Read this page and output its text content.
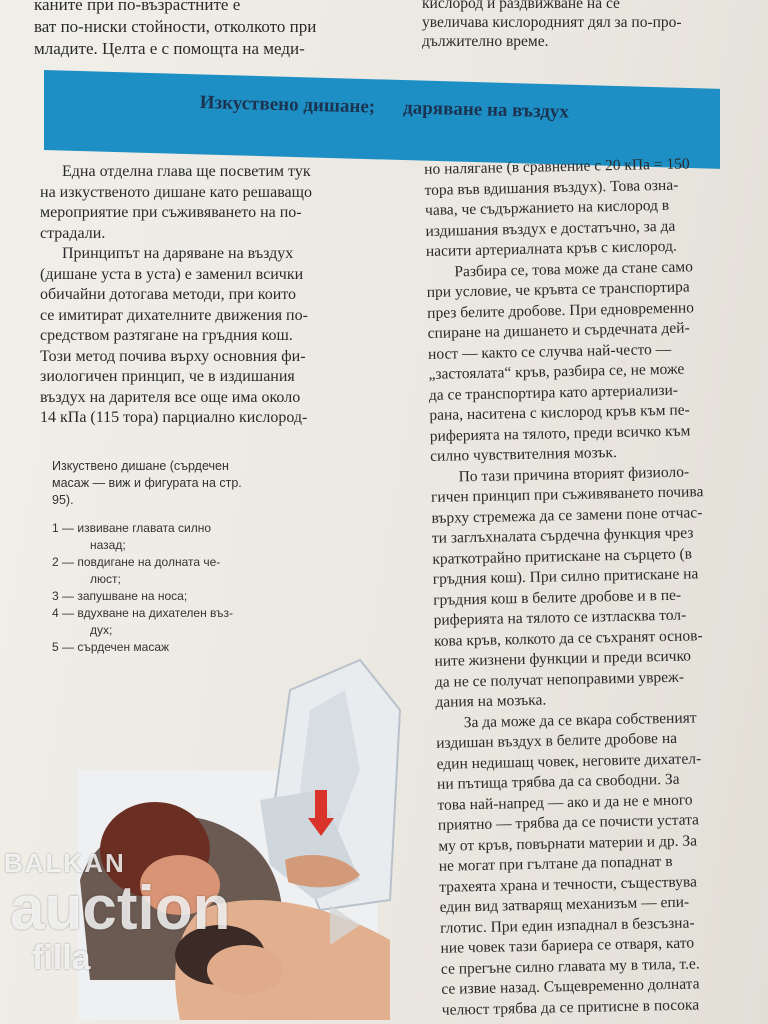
каните при по-възрастните е
ват по-ниски стойности, отколкото при
младите. Целта е с помощта на меди-
кислород и раздвижване на се
увеличава кислородният дял за по-про-
дължително време.
Изкуствено дишане; даряване на въздух
Една отделна глава ще посветим тук
на изкуственото дишане като решаващо
мероприятие при съживяването на по-
страдали.
Принципът на даряване на въздух
(дишане уста в уста) е заменил всички
обичайни дотогава методи, при които
се имитират дихателните движения по-
средством разтягане на гръдния кош.
Този метод почива върху основния фи-
зиологичен принцип, че в издишания
въздух на дарителя все още има около
14 кПа (115 тора) парциално кислород-
Изкуствено дишане (сърдечен
масаж — виж и фигурата на стр.
95).
1 — извиване главата силно
назад;
2 — повдигане на долната че-
люст;
3 — запушване на носа;
4 — вдухване на дихателен въз-
дух;
5 — сърдечен масаж
но налягане (в сравнение с 20 кПа = 150
тора във вдишания въздух). Това озна-
чава, че съдържанието на кислород в
издишания въздух е достатъчно, за да
насити артериалната кръв с кислород.
Разбира се, това може да стане само
при условие, че кръвта се транспортира
през белите дробове. При едновременно
спиране на дишането и сърдечната дей-
ност — както се случва най-често —
„застоялата“ кръв, разбира се, не може
да се транспортира като артериализи-
рана, наситена с кислород кръв към пе-
риферията на тялото, преди всичко към
силно чувствителния мозък.
По тази причина вторият физиоло-
гичен принцип при съживяването почива
върху стремежа да се замени поне отчас-
ти заглъхналата сърдечна функция чрез
краткотрайно притискане на сърцето (в
гръдния кош). При силно притискане на
гръдния кош в белите дробове и в пе-
риферията на тялото се изтласква тол-
кова кръв, колкото да се съхранят основ-
ните жизнени функции и преди всичко
да не се получат непоправими увреж-
дания на мозъка.
За да може да се вкара собственият
издишан въздух в белите дробове на
един недишащ човек, неговите дихател-
ни пътища трябва да са свободни. За
това най-напред — ако и да не е много
приятно — трябва да се почисти устата
му от кръв, повърнати материи и др. За
не могат при гълтане да попаднат в
трахеята храна и течности, съществува
един вид затварящ механизъм — епи-
глотис. При един изпаднал в безсъзна-
ние човек тази бариера се отваря, като
се прегъне силно главата му в тила, т.е.
се извие назад. Същевременно долната
челюст трябва да се притисне в посока
BALKAN
auction
filla
